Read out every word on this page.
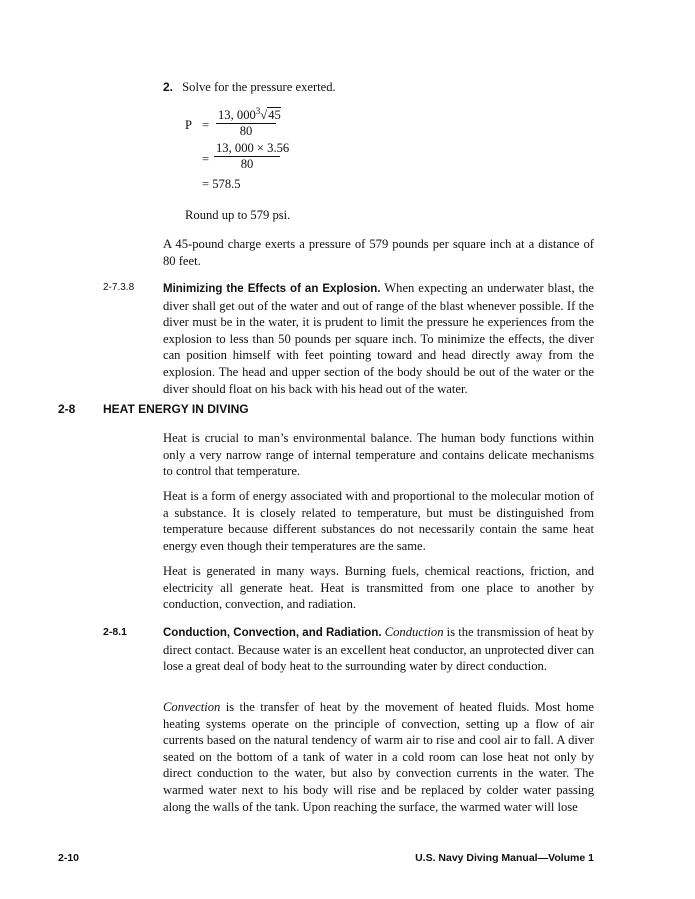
2. Solve for the pressure exerted.
$P = \frac{13, 000^3√45}{80}$
= $\frac{13, 000 \times 3.56}{80}$
= 578.5
Round up to 579 psi.
A 45-pound charge exerts a pressure of 579 pounds per square inch at a distance of 80 feet.
2-7.3.8	Minimizing the Effects of an Explosion. When expecting an underwater blast, the diver shall get out of the water and out of range of the blast whenever possible. If the diver must be in the water, it is prudent to limit the pressure he experiences from the explosion to less than 50 pounds per square inch. To minimize the effects, the diver can position himself with feet pointing toward and head directly away from the explosion. The head and upper section of the body should be out of the water or the diver should float on his back with his head out of the water.
2-8 HEAT ENERGY IN DIVING
Heat is crucial to man’s environmental balance. The human body functions within only a very narrow range of internal temperature and contains delicate mechanisms to control that temperature.
Heat is a form of energy associated with and proportional to the molecular motion of a substance. It is closely related to temperature, but must be distinguished from temperature because different substances do not necessarily contain the same heat energy even though their temperatures are the same.
Heat is generated in many ways. Burning fuels, chemical reactions, friction, and electricity all generate heat. Heat is transmitted from one place to another by conduction, convection, and radiation.
2-8.1	Conduction, Convection, and Radiation. Conduction is the transmission of heat by direct contact. Because water is an excellent heat conductor, an unprotected diver can lose a great deal of body heat to the surrounding water by direct conduction.
Convection is the transfer of heat by the movement of heated fluids. Most home heating systems operate on the principle of convection, setting up a flow of air currents based on the natural tendency of warm air to rise and cool air to fall. A diver seated on the bottom of a tank of water in a cold room can lose heat not only by direct conduction to the water, but also by convection currents in the water. The warmed water next to his body will rise and be replaced by colder water passing along the walls of the tank. Upon reaching the surface, the warmed water will lose
2-10	U.S. Navy Diving Manual—Volume 1
